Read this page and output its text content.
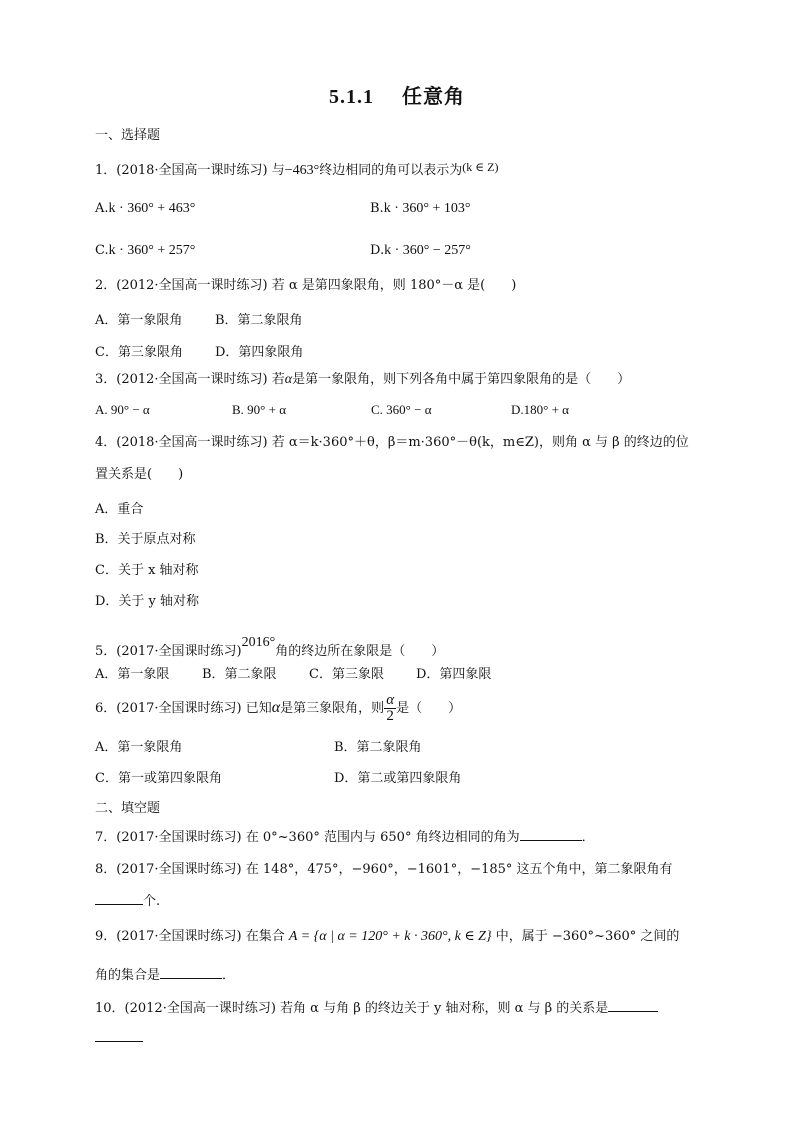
5.1.1 任意角
一、选择题
1．(2018·全国高一课时练习) 与−463°终边相同的角可以表示为(k ∈ Z)
A.k · 360° + 463°	B.k · 360° + 103°
C.k · 360° + 257°	D.k · 360° − 257°
2．(2012·全国高一课时练习) 若 α 是第四象限角，则 180°－α 是(　　)
A．第一象限角	B．第二象限角
C．第三象限角 D．第四象限角
3．(2012·全国高一课时练习) 若α是第一象限角，则下列各角中属于第四象限角的是（　　）
A. 90° − α	B. 90° + α	C. 360° − α	D.180° + α
4．(2018·全国高一课时练习) 若 α＝k·360°＋θ，β＝m·360°－θ(k，m∈Z)，则角 α 与 β 的终边的位
置关系是(　　)
A．重合
B．关于原点对称
C．关于 x 轴对称
D．关于 y 轴对称
5．(2017·全国课时练习)2016°角的终边所在象限是（　　）
A．第一象限	B．第二象限 C．第三象限 D．第四象限
6．(2017·全国课时练习) 已知α是第三象限角，则 $\frac{\alpha}{2}$ 是（　　）
A．第一象限角	B．第二象限角
C．第一或第四象限角	D．第二或第四象限角
二、填空题
7．(2017·全国课时练习) 在 0°~360° 范围内与 650° 角终边相同的角为	．
8．(2017·全国课时练习) 在 148°，475°，−960°，−1601°，−185° 这五个角中，第二象限角有
个.
9．(2017·全国课时练习) 在集合 A = {α | α = 120° + k · 360°, k ∈ Z} 中，属于 −360°~360° 之间的
角的集合是	．
10．(2012·全国高一课时练习) 若角 α 与角 β 的终边关于 y 轴对称，则 α 与 β 的关系是
